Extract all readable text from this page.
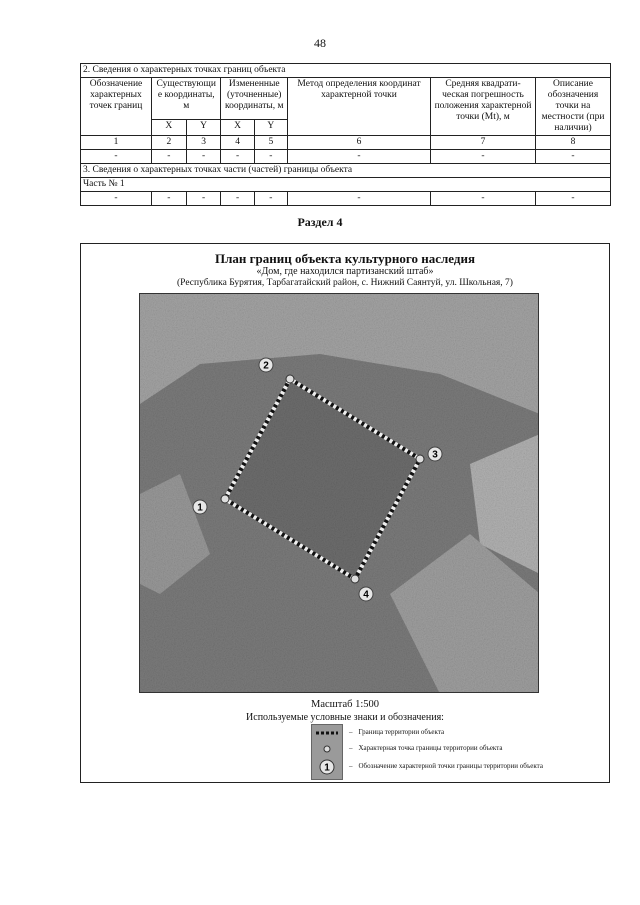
48
2. Сведения о характерных точках границ объекта							
Обозначение характерных точек границ	Существующи е координаты, м		Измененные (уточненные) координаты, м		Метод определения координат характерной точки	Средняя квадрати-ческая погрешность положения характерной точки (Mt), м	Описание обозначения точки на местности (при наличии)
	X	Y	X	Y			
1	2	3	4	5	6	7	8
-	-	-	-	-	-	-	-
3. Сведения о характерных точках части (частей) границы объекта							
Часть № 1							
-	-	-	-	-	-	-	-
Раздел 4
План границ объекта культурного наследия
«Дом, где находился партизанский штаб»
(Республика Бурятия, Тарбагатайский район, с. Нижний Саянтуй, ул. Школьная, 7)
1
2
3
4
Масштаб 1:500
Используемые условные знаки и обозначения:
1
– Граница территории объекта
– Характерная точка границы территории объекта
– Обозначение характерной точки границы территории объекта
